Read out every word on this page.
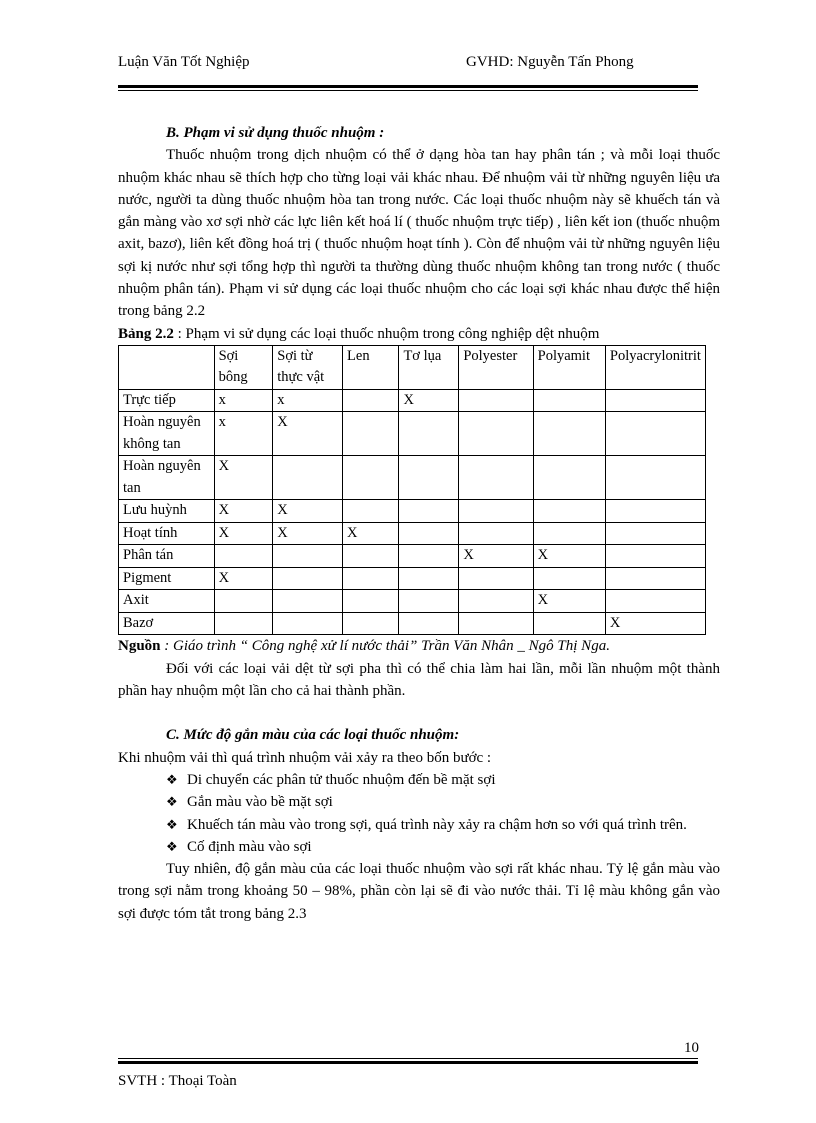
Luận Văn Tốt Nghiệp	GVHD: Nguyễn Tấn Phong
B. Phạm vi sử dụng thuốc nhuộm :

Thuốc nhuộm trong dịch nhuộm có thể ở dạng hòa tan hay phân tán ; và mỗi loại thuốc nhuộm khác nhau sẽ thích hợp cho từng loại vải khác nhau. Để nhuộm vải từ những nguyên liệu ưa nước, người ta dùng thuốc nhuộm hòa tan trong nước. Các loại thuốc nhuộm này sẽ khuếch tán và gắn màng vào xơ sợi nhờ các lực liên kết hoá lí ( thuốc nhuộm trực tiếp) , liên kết ion (thuốc nhuộm axit, bazơ), liên kết đồng hoá trị ( thuốc nhuộm hoạt tính ). Còn để nhuộm vải từ những nguyên liệu sợi kị nước như sợi tổng hợp thì người ta thường dùng thuốc nhuộm không tan trong nước ( thuốc nhuộm phân tán). Phạm vi sử dụng các loại thuốc nhuộm cho các loại sợi khác nhau được thể hiện trong bảng 2.2

Bảng 2.2 : Phạm vi sử dụng các loại thuốc nhuộm trong công nghiệp dệt nhuộm

	Sợi bông	Sợi từ thực vật	Len	Tơ lụa	Polyester	Polyamit	Polyacrylonitrit
Trực tiếp	x	x		X			
Hoàn nguyên không tan	x	X					
Hoàn nguyên tan	X						
Lưu huỳnh	X	X					
Hoạt tính	X	X	X				
Phân tán					X	X	
Pigment	X						
Axit						X	
Bazơ							X

Nguồn : Giáo trình “ Công nghệ xử lí nước thải” Trần Văn Nhân _ Ngô Thị Nga.

Đối với các loại vải dệt từ sợi pha thì có thể chia làm hai lần, mỗi lần nhuộm một thành phần hay nhuộm một lần cho cả hai thành phần.

C. Mức độ gắn màu của các loại thuốc nhuộm:
Khi nhuộm vải thì quá trình nhuộm vải xảy ra theo bốn bước :
❖ Di chuyển các phân tử thuốc nhuộm đến bề mặt sợi
❖ Gắn màu vào bề mặt sợi
❖ Khuếch tán màu vào trong sợi, quá trình này xảy ra chậm hơn so với quá trình trên.
❖ Cố định màu vào sợi

Tuy nhiên, độ gắn màu của các loại thuốc nhuộm vào sợi rất khác nhau. Tỷ lệ gắn màu vào trong sợi nằm trong khoảng 50 – 98%, phần còn lại sẽ đi vào nước thải. Tỉ lệ màu không gắn vào sợi được tóm tắt trong bảng 2.3

10
SVTH : Thoại Toàn
